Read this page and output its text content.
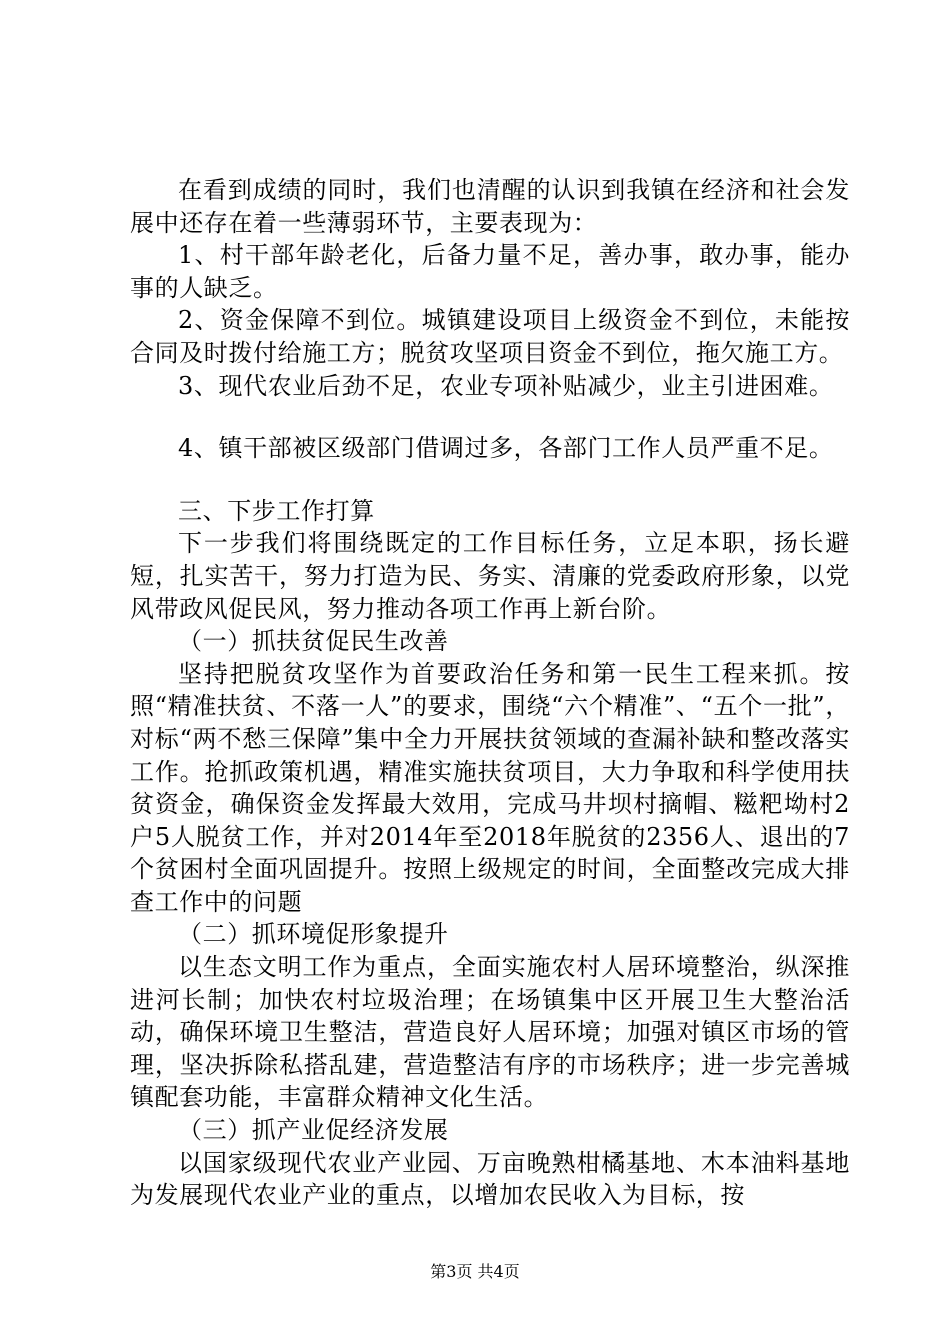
在看到成绩的同时，我们也清醒的认识到我镇在经济和社会发展中还存在着一些薄弱环节，主要表现为：

1、村干部年龄老化，后备力量不足，善办事，敢办事，能办事的人缺乏。

2、资金保障不到位。城镇建设项目上级资金不到位，未能按合同及时拨付给施工方；脱贫攻坚项目资金不到位，拖欠施工方。

3、现代农业后劲不足，农业专项补贴减少，业主引进困难。

4、镇干部被区级部门借调过多，各部门工作人员严重不足。

三、下步工作打算

下一步我们将围绕既定的工作目标任务，立足本职，扬长避短，扎实苦干，努力打造为民、务实、清廉的党委政府形象，以党风带政风促民风，努力推动各项工作再上新台阶。

（一）抓扶贫促民生改善

坚持把脱贫攻坚作为首要政治任务和第一民生工程来抓。按照“精准扶贫、不落一人”的要求，围绕“六个精准”、“五个一批”，对标“两不愁三保障”集中全力开展扶贫领域的查漏补缺和整改落实工作。抢抓政策机遇，精准实施扶贫项目，大力争取和科学使用扶贫资金，确保资金发挥最大效用，完成马井坝村摘帽、糍粑坳村2户5人脱贫工作，并对2014年至2018年脱贫的2356人、退出的7个贫困村全面巩固提升。按照上级规定的时间，全面整改完成大排查工作中的问题

（二）抓环境促形象提升

以生态文明工作为重点，全面实施农村人居环境整治，纵深推进河长制；加快农村垃圾治理；在场镇集中区开展卫生大整治活动，确保环境卫生整洁，营造良好人居环境；加强对镇区市场的管理，坚决拆除私搭乱建，营造整洁有序的市场秩序；进一步完善城镇配套功能，丰富群众精神文化生活。

（三）抓产业促经济发展

以国家级现代农业产业园、万亩晚熟柑橘基地、木本油料基地为发展现代农业产业的重点，以增加农民收入为目标，按

第3页 共4页
